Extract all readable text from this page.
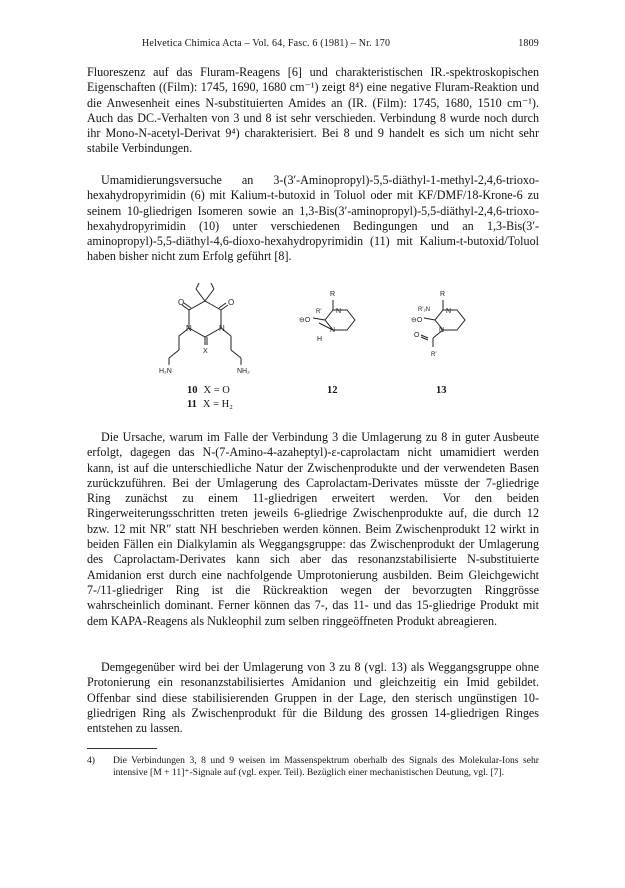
Helvetica Chimica Acta – Vol. 64, Fasc. 6 (1981) – Nr. 170	1809

Fluoreszenz auf das Fluram-Reagens [6] und charakteristischen IR.-spektroskopischen Eigenschaften ((Film): 1745, 1690, 1680 cm⁻¹) zeigt 8⁴) eine negative Fluram-Reaktion und die Anwesenheit eines N-substituierten Amides an (IR. (Film): 1745, 1680, 1510 cm⁻¹). Auch das DC.-Verhalten von 3 und 8 ist sehr verschieden. Verbindung 8 wurde noch durch ihr Mono-N-acetyl-Derivat 9⁴) charakterisiert. Bei 8 und 9 handelt es sich um nicht sehr stabile Verbindungen.

Umamidierungsversuche an 3-(3′-Aminopropyl)-5,5-diäthyl-1-methyl-2,4,6-trioxo-hexahydropyrimidin (6) mit Kalium-t-butoxid in Toluol oder mit KF/DMF/18-Krone-6 zu seinem 10-gliedrigen Isomeren sowie an 1,3-Bis(3′-aminopropyl)-5,5-diäthyl-2,4,6-trioxo-hexahydropyrimidin (10) unter verschiedenen Bedingungen und an 1,3-Bis(3′-aminopropyl)-5,5-diäthyl-4,6-dioxo-hexahydropyrimidin (11) mit Kalium-t-butoxid/Toluol haben bisher nicht zum Erfolg geführt [8].

O	O
N	N
X
H₂N	NH₂
R
R′
⊖O
N
N
H
R
R′₂N
⊖O
N
N
O
R′
10 X = O
11 X = H₂
12	13

Die Ursache, warum im Falle der Verbindung 3 die Umlagerung zu 8 in guter Ausbeute erfolgt, dagegen das N-(7-Amino-4-azaheptyl)-ε-caprolactam nicht umamidiert werden kann, ist auf die unterschiedliche Natur der Zwischenprodukte und der verwendeten Basen zurückzuführen. Bei der Umlagerung des Caprolactam-Derivates müsste der 7-gliedrige Ring zunächst zu einem 11-gliedrigen erweitert werden. Vor den beiden Ringerweiterungsschritten treten jeweils 6-gliedrige Zwischenprodukte auf, die durch 12 bzw. 12 mit NR″ statt NH beschrieben werden können. Beim Zwischenprodukt 12 wirkt in beiden Fällen ein Dialkylamin als Weggangsgruppe: das Zwischenprodukt der Umlagerung des Caprolactam-Derivates kann sich aber das resonanzstabilisierte N-substituierte Amidanion erst durch eine nachfolgende Umprotonierung ausbilden. Beim Gleichgewicht 7-/11-gliedriger Ring ist die Rückreaktion wegen der bevorzugten Ringgrösse wahrscheinlich dominant. Ferner können das 7-, das 11- und das 15-gliedrige Produkt mit dem KAPA-Reagens als Nukleophil zum selben ringgeöffneten Produkt abreagieren.

Demgegenüber wird bei der Umlagerung von 3 zu 8 (vgl. 13) als Weggangsgruppe ohne Protonierung ein resonanzstabilisiertes Amidanion und gleichzeitig ein Imid gebildet. Offenbar sind diese stabilisierenden Gruppen in der Lage, den sterisch ungünstigen 10-gliedrigen Ring als Zwischenprodukt für die Bildung des grossen 14-gliedrigen Ringes entstehen zu lassen.

4) Die Verbindungen 3, 8 und 9 weisen im Massenspektrum oberhalb des Signals des Molekular-Ions sehr intensive [M + 11]⁺-Signale auf (vgl. exper. Teil). Bezüglich einer mechanistischen Deutung, vgl. [7].
